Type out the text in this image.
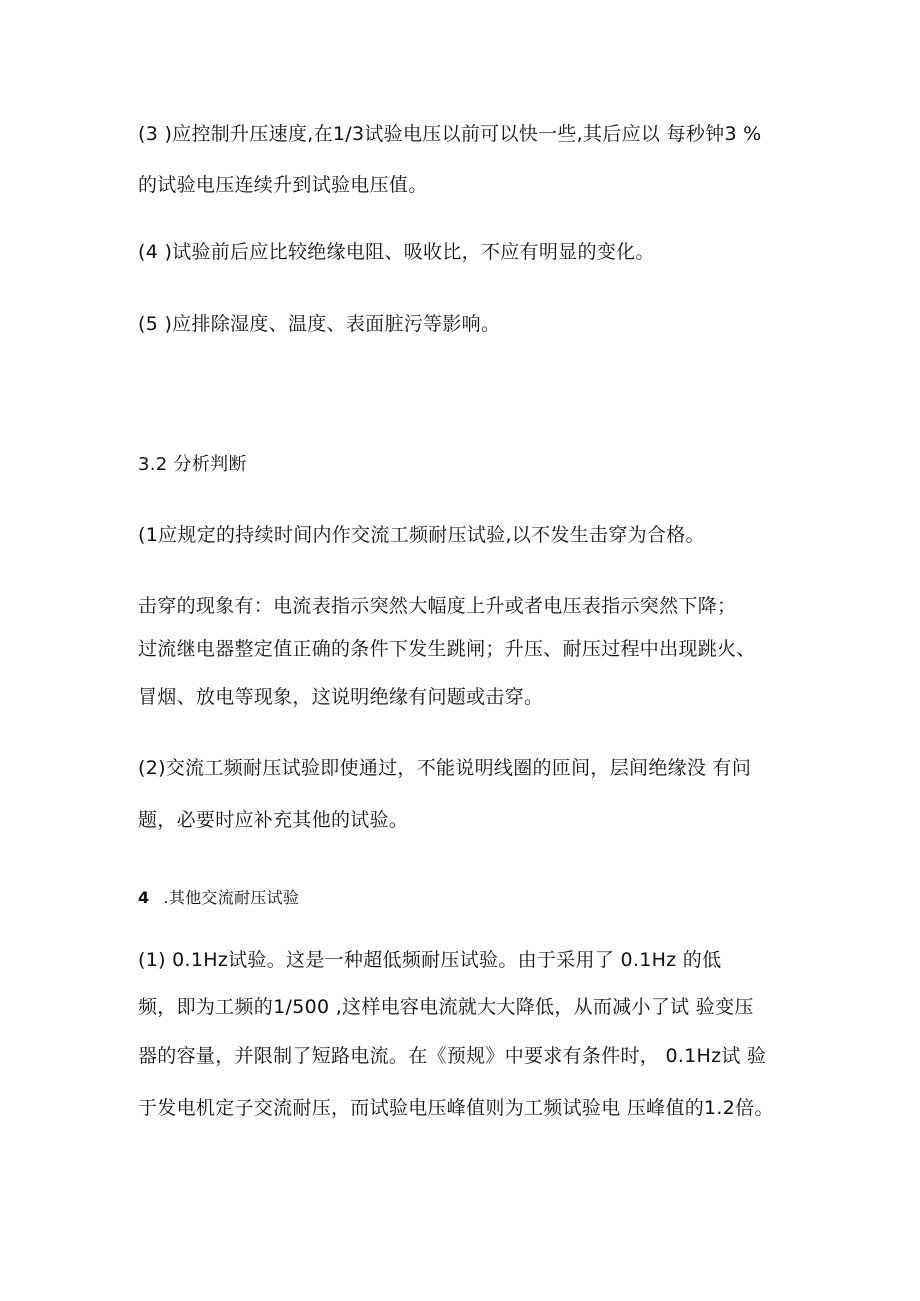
(3 )应控制升压速度,在1/3试验电压以前可以快一些,其后应以 每秒钟3 %
的试验电压连续升到试验电压值。
(4 )试验前后应比较绝缘电阻、吸收比，不应有明显的变化。
(5 )应排除湿度、温度、表面脏污等影响。
3.2 分析判断
(1应规定的持续时间内作交流工频耐压试验,以不发生击穿为合格。
击穿的现象有：电流表指示突然大幅度上升或者电压表指示突然下降；
过流继电器整定值正确的条件下发生跳闸；升压、耐压过程中出现跳火、
冒烟、放电等现象，这说明绝缘有问题或击穿。
(2)交流工频耐压试验即使通过，不能说明线圈的匝间，层间绝缘没 有问
题，必要时应补充其他的试验。
4 .其他交流耐压试验
(1) 0.1Hz试验。这是一种超低频耐压试验。由于采用了 0.1Hz 的低
频，即为工频的1/500 ,这样电容电流就大大降低，从而减小了试 验变压
器的容量，并限制了短路电流。在《预规》中要求有条件时， 0.1Hz试 验
于发电机定子交流耐压，而试验电压峰值则为工频试验电 压峰值的1.2倍。
